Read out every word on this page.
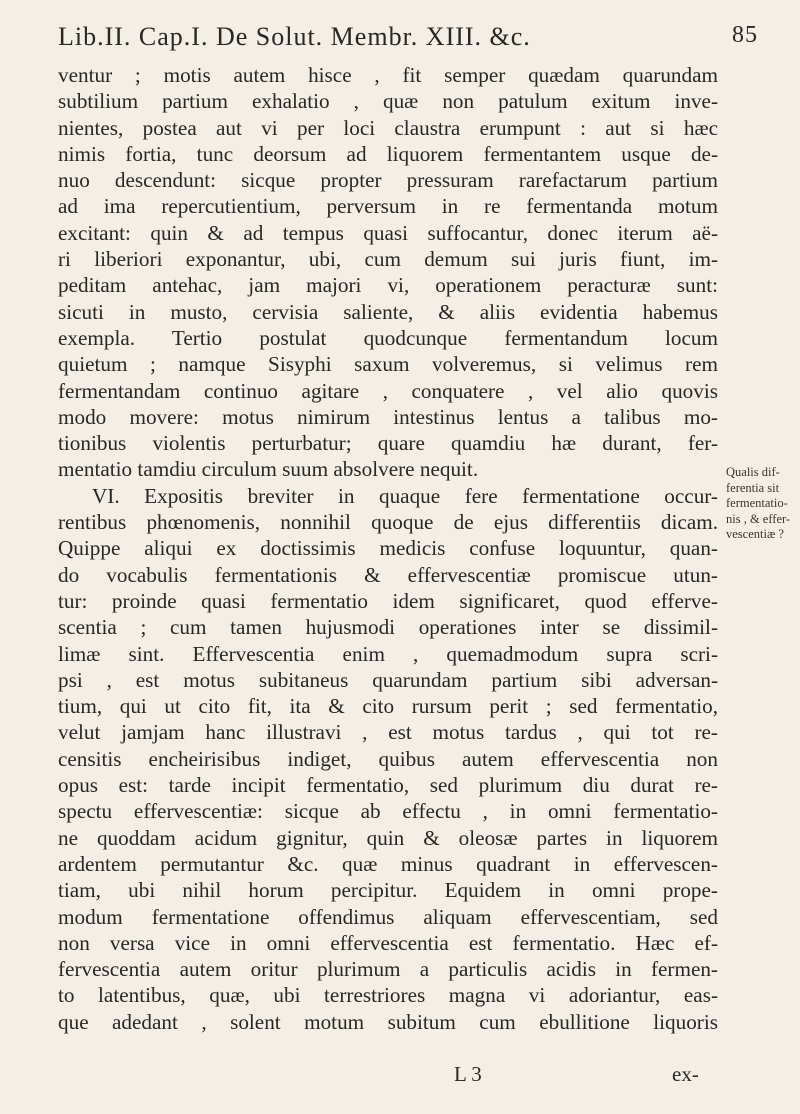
Lib.II. Cap.I. De Solut. Membr. XIII. &c.	85
ventur ; motis autem hisce , fit semper quædam quarundam
subtilium partium exhalatio , quæ non patulum exitum inve-
nientes, postea aut vi per loci claustra erumpunt : aut si hæc
nimis fortia, tunc deorsum ad liquorem fermentantem usque de-
nuo descendunt: sicque propter pressuram rarefactarum partium
ad ima repercutientium, perversum in re fermentanda motum
excitant: quin & ad tempus quasi suffocantur, donec iterum aë-
ri liberiori exponantur, ubi, cum demum sui juris fiunt, im-
peditam antehac, jam majori vi, operationem peracturæ sunt:
sicuti in musto, cervisia saliente, & aliis evidentia habemus
exempla. Tertio postulat quodcunque fermentandum locum
quietum ; namque Sisyphi saxum volveremus, si velimus rem
fermentandam continuo agitare , conquatere , vel alio quovis
modo movere: motus nimirum intestinus lentus a talibus mo-
tionibus violentis perturbatur; quare quamdiu hæ durant, fer-
mentatio tamdiu circulum suum absolvere nequit.
VI. Expositis breviter in quaque fere fermentatione occur-
rentibus phœnomenis, nonnihil quoque de ejus differentiis dicam.
Quippe aliqui ex doctissimis medicis confuse loquuntur, quan-
do vocabulis fermentationis & effervescentiæ promiscue utun-
tur: proinde quasi fermentatio idem significaret, quod efferve-
scentia ; cum tamen hujusmodi operationes inter se dissimil-
limæ sint. Effervescentia enim , quemadmodum supra scri-
psi , est motus subitaneus quarundam partium sibi adversan-
tium, qui ut cito fit, ita & cito rursum perit ; sed fermentatio,
velut jamjam hanc illustravi , est motus tardus , qui tot re-
censitis encheirisibus indiget, quibus autem effervescentia non
opus est: tarde incipit fermentatio, sed plurimum diu durat re-
spectu effervescentiæ: sicque ab effectu , in omni fermentatio-
ne quoddam acidum gignitur, quin & oleosæ partes in liquorem
ardentem permutantur &c. quæ minus quadrant in effervescen-
tiam, ubi nihil horum percipitur. Equidem in omni prope-
modum fermentatione offendimus aliquam effervescentiam, sed
non versa vice in omni effervescentia est fermentatio. Hæc ef-
fervescentia autem oritur plurimum a particulis acidis in fermen-
to latentibus, quæ, ubi terrestriores magna vi adoriantur, eas-
que adedant , solent motum subitum cum ebullitione liquoris
Qualis dif-
ferentia sit
fermentatio-
nis , & effer-
vescentiæ ?
L 3	ex-
